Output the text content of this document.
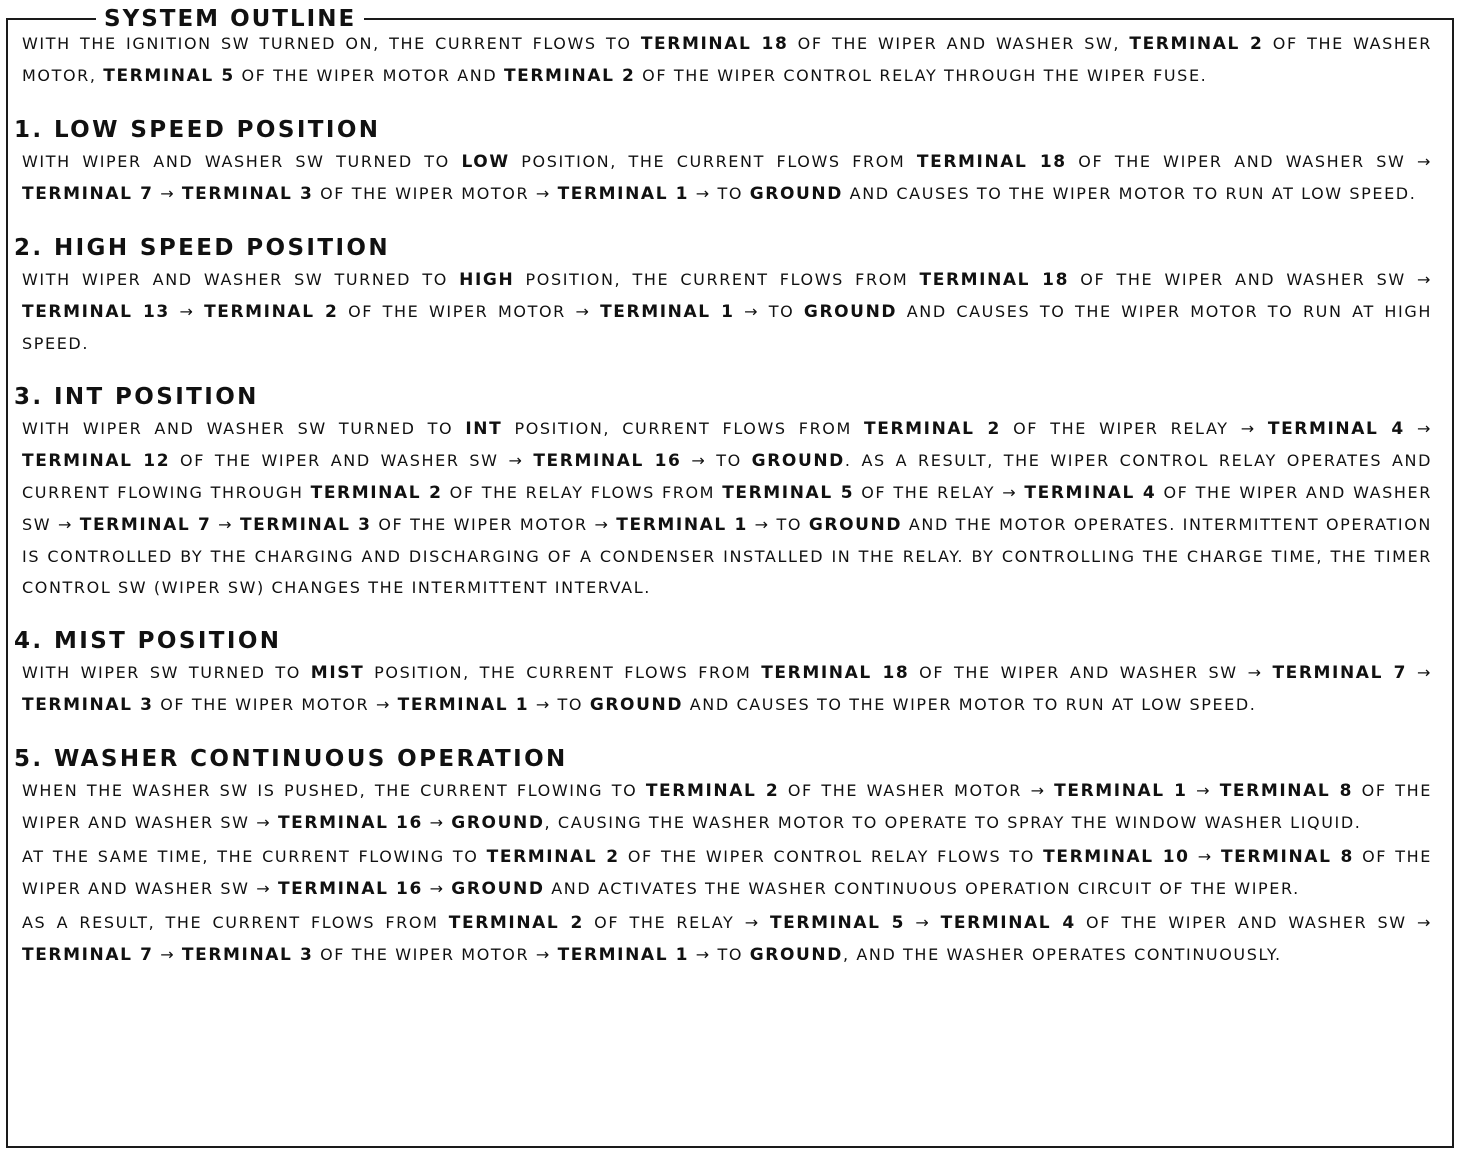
SYSTEM OUTLINE

WITH THE IGNITION SW TURNED ON, THE CURRENT FLOWS TO TERMINAL 18 OF THE WIPER AND WASHER SW, TERMINAL 2 OF THE WASHER MOTOR, TERMINAL 5 OF THE WIPER MOTOR AND TERMINAL 2 OF THE WIPER CONTROL RELAY THROUGH THE WIPER FUSE.

1. LOW SPEED POSITION

WITH WIPER AND WASHER SW TURNED TO LOW POSITION, THE CURRENT FLOWS FROM TERMINAL 18 OF THE WIPER AND WASHER SW → TERMINAL 7 → TERMINAL 3 OF THE WIPER MOTOR → TERMINAL 1 → TO GROUND AND CAUSES TO THE WIPER MOTOR TO RUN AT LOW SPEED.

2. HIGH SPEED POSITION

WITH WIPER AND WASHER SW TURNED TO HIGH POSITION, THE CURRENT FLOWS FROM TERMINAL 18 OF THE WIPER AND WASHER SW → TERMINAL 13 → TERMINAL 2 OF THE WIPER MOTOR → TERMINAL 1 → TO GROUND AND CAUSES TO THE WIPER MOTOR TO RUN AT HIGH SPEED.

3. INT POSITION

WITH WIPER AND WASHER SW TURNED TO INT POSITION, CURRENT FLOWS FROM TERMINAL 2 OF THE WIPER RELAY → TERMINAL 4 → TERMINAL 12 OF THE WIPER AND WASHER SW → TERMINAL 16 → TO GROUND. AS A RESULT, THE WIPER CONTROL RELAY OPERATES AND CURRENT FLOWING THROUGH TERMINAL 2 OF THE RELAY FLOWS FROM TERMINAL 5 OF THE RELAY → TERMINAL 4 OF THE WIPER AND WASHER SW → TERMINAL 7 → TERMINAL 3 OF THE WIPER MOTOR → TERMINAL 1 → TO GROUND AND THE MOTOR OPERATES. INTERMITTENT OPERATION IS CONTROLLED BY THE CHARGING AND DISCHARGING OF A CONDENSER INSTALLED IN THE RELAY. BY CONTROLLING THE CHARGE TIME, THE TIMER CONTROL SW (WIPER SW) CHANGES THE INTERMITTENT INTERVAL.

4. MIST POSITION

WITH WIPER SW TURNED TO MIST POSITION, THE CURRENT FLOWS FROM TERMINAL 18 OF THE WIPER AND WASHER SW → TERMINAL 7 → TERMINAL 3 OF THE WIPER MOTOR → TERMINAL 1 → TO GROUND AND CAUSES TO THE WIPER MOTOR TO RUN AT LOW SPEED.

5. WASHER CONTINUOUS OPERATION

WHEN THE WASHER SW IS PUSHED, THE CURRENT FLOWING TO TERMINAL 2 OF THE WASHER MOTOR → TERMINAL 1 → TERMINAL 8 OF THE WIPER AND WASHER SW → TERMINAL 16 → GROUND, CAUSING THE WASHER MOTOR TO OPERATE TO SPRAY THE WINDOW WASHER LIQUID.

AT THE SAME TIME, THE CURRENT FLOWING TO TERMINAL 2 OF THE WIPER CONTROL RELAY FLOWS TO TERMINAL 10 → TERMINAL 8 OF THE WIPER AND WASHER SW → TERMINAL 16 → GROUND AND ACTIVATES THE WASHER CONTINUOUS OPERATION CIRCUIT OF THE WIPER.

AS A RESULT, THE CURRENT FLOWS FROM TERMINAL 2 OF THE RELAY → TERMINAL 5 → TERMINAL 4 OF THE WIPER AND WASHER SW → TERMINAL 7 → TERMINAL 3 OF THE WIPER MOTOR → TERMINAL 1 → TO GROUND, AND THE WASHER OPERATES CONTINUOUSLY.
